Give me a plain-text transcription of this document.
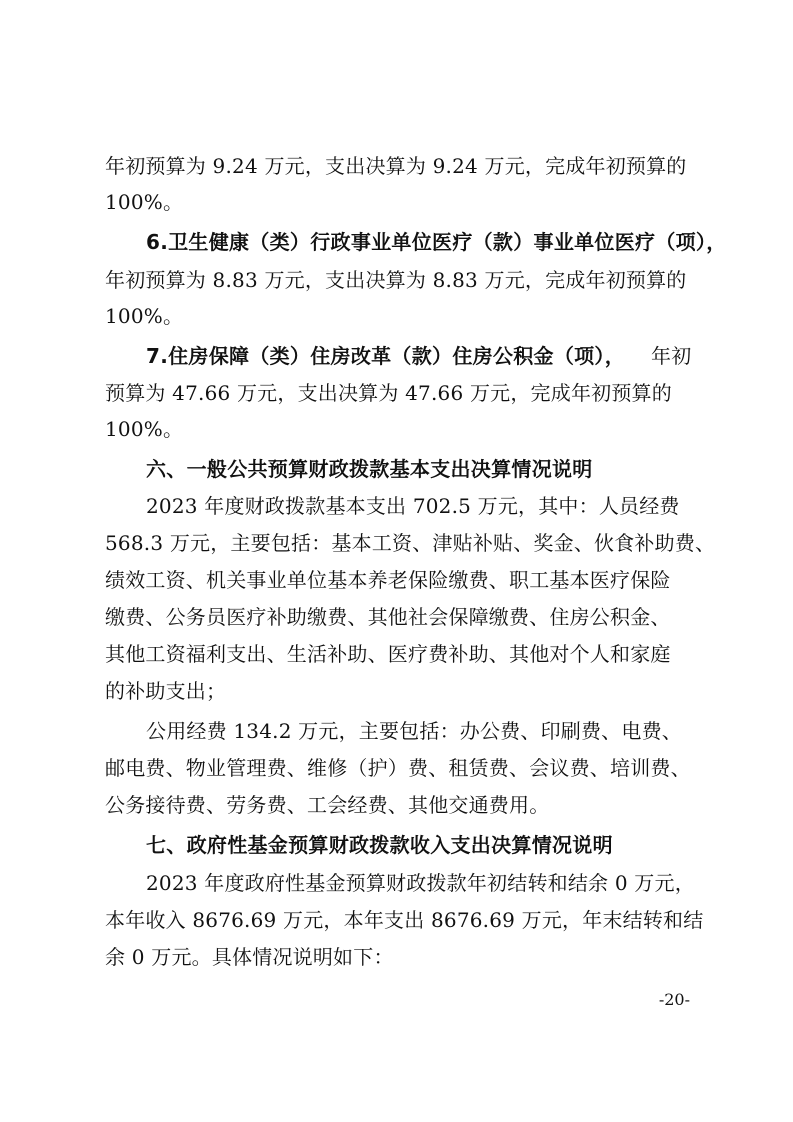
年初预算为 9.24 万元，支出决算为 9.24 万元，完成年初预算的
100%。
6.卫生健康（类）行政事业单位医疗（款）事业单位医疗（项），
年初预算为 8.83 万元，支出决算为 8.83 万元，完成年初预算的
100%。
7.住房保障（类）住房改革（款）住房公积金（项），	年初
预算为 47.66 万元，支出决算为 47.66 万元，完成年初预算的
100%。
六、一般公共预算财政拨款基本支出决算情况说明
2023 年度财政拨款基本支出 702.5 万元，其中：人员经费
568.3 万元，主要包括：基本工资、津贴补贴、奖金、伙食补助费、
绩效工资、机关事业单位基本养老保险缴费、职工基本医疗保险
缴费、公务员医疗补助缴费、其他社会保障缴费、住房公积金、
其他工资福利支出、生活补助、医疗费补助、其他对个人和家庭
的补助支出；
公用经费 134.2 万元，主要包括：办公费、印刷费、电费、
邮电费、物业管理费、维修（护）费、租赁费、会议费、培训费、
公务接待费、劳务费、工会经费、其他交通费用。
七、政府性基金预算财政拨款收入支出决算情况说明
2023 年度政府性基金预算财政拨款年初结转和结余 0 万元，
本年收入 8676.69 万元，本年支出 8676.69 万元，年末结转和结
余 0 万元。具体情况说明如下：
-20-
